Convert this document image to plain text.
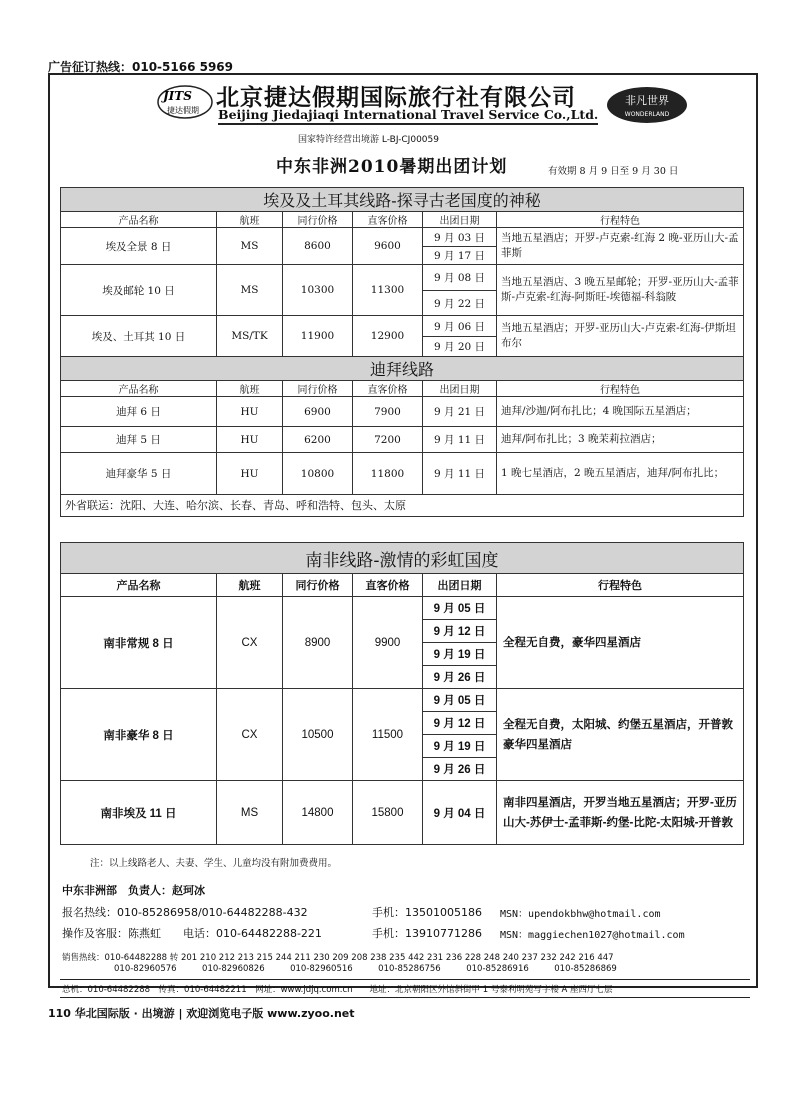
广告征订热线：010-5166 5969
JITS
捷达假期 北京捷达假期国际旅行社有限公司
Beijing Jiedajiaqi International Travel Service Co.,Ltd.
非凡世界
WONDERLAND
国家特许经营出境游 L-BJ-CJ00059
中东非洲2010暑期出团计划	有效期 8 月 9 日至 9 月 30 日
埃及及土耳其线路-探寻古老国度的神秘					
产品名称	航班	同行价格	直客价格	出团日期	行程特色
埃及全景 8 日	MS	8600	9600	9 月 03 日	当地五星酒店；开罗-卢克索-红海 2 晚-亚历山大-孟菲斯
				9 月 17 日	
埃及邮轮 10 日	MS	10300	11300	9 月 08 日	当地五星酒店、3 晚五星邮轮；开罗-亚历山大-孟菲斯-卢克索-红海-阿斯旺-埃德福-科翁陂
				9 月 22 日	
埃及、土耳其 10 日	MS/TK	11900	12900	9 月 06 日	当地五星酒店；开罗-亚历山大-卢克索-红海-伊斯坦布尔
				9 月 20 日	
迪拜线路					
产品名称	航班	同行价格	直客价格	出团日期	行程特色
迪拜 6 日	HU	6900	7900	9 月 21 日	迪拜/沙迦/阿布扎比；4 晚国际五星酒店；
迪拜 5 日	HU	6200	7200	9 月 11 日	迪拜/阿布扎比；3 晚茉莉拉酒店；
迪拜豪华 5 日	HU	10800	11800	9 月 11 日	1 晚七星酒店，2 晚五星酒店，迪拜/阿布扎比；
外省联运：沈阳、大连、哈尔滨、长春、青岛、呼和浩特、包头、太原					
南非线路-激情的彩虹国度					
产品名称	航班	同行价格	直客价格	出团日期	行程特色
南非常规 8 日	CX	8900	9900	9 月 05 日	全程无自费，豪华四星酒店
				9 月 12 日	
				9 月 19 日	
				9 月 26 日	
南非豪华 8 日	CX	10500	11500	9 月 05 日	全程无自费，太阳城、约堡五星酒店，开普敦豪华四星酒店
				9 月 12 日	
				9 月 19 日	
				9 月 26 日	
南非埃及 11 日	MS	14800	15800	9 月 04 日	南非四星酒店，开罗当地五星酒店；开罗-亚历山大-苏伊士-孟菲斯-约堡-比陀-太阳城-开普敦
注：以上线路老人、夫妻、学生、儿童均没有附加费费用。
中东非洲部　负责人：赵珂冰
报名热线：010-85286958/010-64482288-432	手机：13501005186 MSN：upendokbhw@hotmail.com
操作及客服：陈燕虹　　电话：010-64482288-221	手机：13910771286 MSN：maggiechen1027@hotmail.com
销售热线：010-64482288 转 201 210 212 213 215 244 211 230 209 208 238 235 442 231 236 228 248 240 237 232 242 216 447
010-82960576　　　010-82960826　　　010-82960516　　　010-85286756　　　010-85286916　　　010-85286869
总机：010-64482288　传真：010-64482211　网址：www.jdjq.com.cn　　地址：北京朝阳区外馆斜街甲 1 号泰利明苑写字楼 A 座西厅七层
110 华北国际版 · 出境游 | 欢迎浏览电子版 www.zyoo.net
